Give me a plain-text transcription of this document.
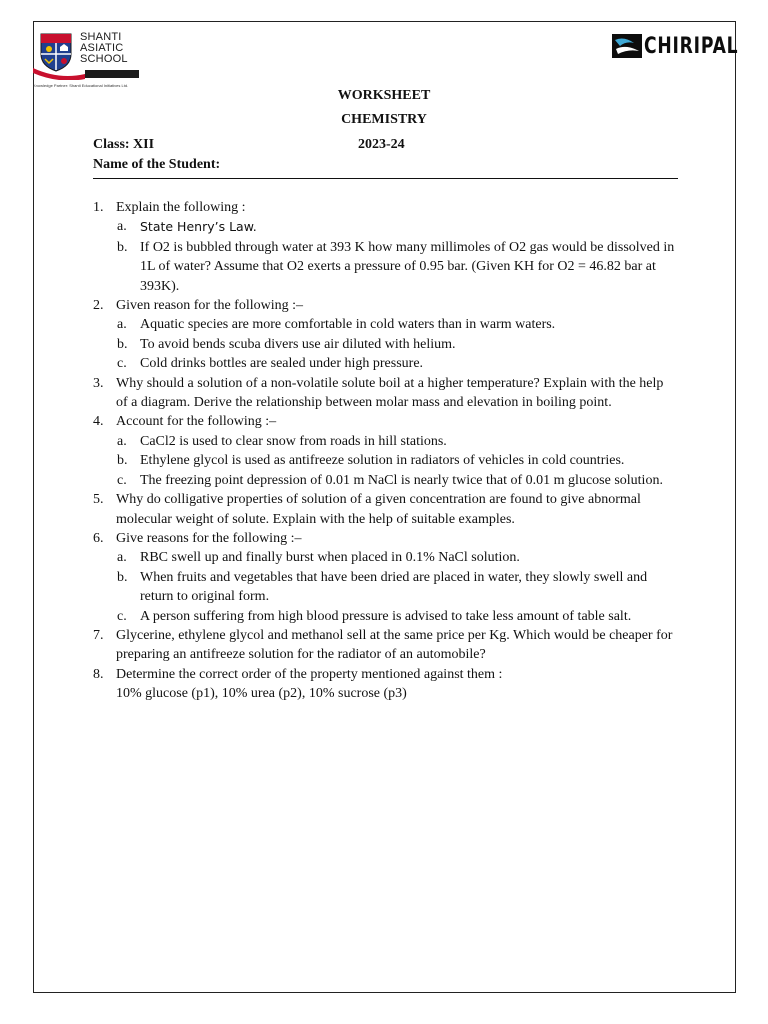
SHANTI
ASIATIC
SCHOOL
Knowledge Partner: Shanti Educational Initiatives Ltd.
CHIRIPAL
WORKSHEET
CHEMISTRY
Class: XII	2023-24
Name of the Student:
1. Explain the following :
a. State Henry’s Law.
b. If O2 is bubbled through water at 393 K how many millimoles of O2 gas would be dissolved in 1L of water? Assume that O2 exerts a pressure of 0.95 bar. (Given KH for O2 = 46.82 bar at 393K).
2. Given reason for the following :–
a. Aquatic species are more comfortable in cold waters than in warm waters.
b. To avoid bends scuba divers use air diluted with helium.
c. Cold drinks bottles are sealed under high pressure.
3. Why should a solution of a non-volatile solute boil at a higher temperature? Explain with the help of a diagram. Derive the relationship between molar mass and elevation in boiling point.
4. Account for the following :–
a. CaCl2 is used to clear snow from roads in hill stations.
b. Ethylene glycol is used as antifreeze solution in radiators of vehicles in cold countries.
c. The freezing point depression of 0.01 m NaCl is nearly twice that of 0.01 m glucose solution.
5. Why do colligative properties of solution of a given concentration are found to give abnormal molecular weight of solute. Explain with the help of suitable examples.
6. Give reasons for the following :–
a. RBC swell up and finally burst when placed in 0.1% NaCl solution.
b. When fruits and vegetables that have been dried are placed in water, they slowly swell and return to original form.
c. A person suffering from high blood pressure is advised to take less amount of table salt.
7. Glycerine, ethylene glycol and methanol sell at the same price per Kg. Which would be cheaper for preparing an antifreeze solution for the radiator of an automobile?
8. Determine the correct order of the property mentioned against them :
10% glucose (p1), 10% urea (p2), 10% sucrose (p3)
